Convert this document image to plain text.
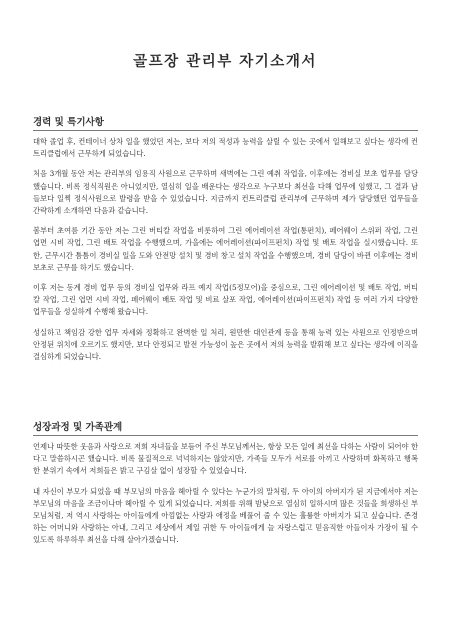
골프장 관리부 자기소개서
경력 및 특기사항

대학 졸업 후, 컨테이너 상차 일을 했었던 저는, 보다 저의 적성과 능력을 살릴 수 있는 곳에서 일해보고 싶다는 생각에 컨트리클럽에서 근무하게 되었습니다.

처음 3개월 동안 저는 관리부의 임용직 사원으로 근무하며 새벽에는 그린 예취 작업을, 이후에는 경비실 보초 업무를 담당했습니다. 비록 정식직원은 아니었지만, 열심히 일을 배운다는 생각으로 누구보다 최선을 다해 업무에 임했고, 그 결과 남들보다 일찍 정식사원으로 발령을 받을 수 있었습니다. 지금까지 컨트리클럽 관리부에 근무하며 제가 담당했던 업무들을 간략하게 소개하면 다음과 같습니다.

봄부터 초여름 기간 동안 저는 그린 버티칼 작업을 비롯하여 그린 에어레이션 작업(통펀치), 페어웨이 스위퍼 작업, 그린 엽면 시비 작업, 그린 배토 작업을 수행했으며, 가을에는 에어레이션(파이프펀치) 작업 및 배토 작업을 실시했습니다. 또한, 근무시간 틈틈이 경비실 일을 도와 안전망 설치 및 경비 창고 설치 작업을 수행했으며, 경비 담당이 바뀐 이후에는 경비 보초로 근무를 하기도 했습니다.

이후 저는 동계 경비 업무 등의 경비실 업무와 라프 예지 작업(5정모어)을 중심으로, 그린 에어레이션 및 배토 작업, 버티칼 작업, 그린 엽면 시비 작업, 페어웨이 배토 작업 및 비료 살포 작업, 에어레이션(파이프펀치) 작업 등 여러 가지 다양한 업무들을 성실하게 수행해 왔습니다.

성실하고 책임감 강한 업무 자세와 정확하고 완벽한 일 처리, 원만한 대인관계 등을 통해 능력 있는 사원으로 인정받으며 안정된 위치에 오르기도 했지만, 보다 안정되고 발전 가능성이 높은 곳에서 저의 능력을 발휘해 보고 싶다는 생각에 이직을 결심하게 되었습니다.

성장과정 및 가족관계

언제나 따뜻한 웃음과 사랑으로 저희 자녀들을 보듬어 주신 부모님께서는, 항상 모든 일에 최선을 다하는 사람이 되어야 한다고 말씀하시곤 했습니다. 비록 물질적으로 넉넉하지는 않았지만, 가족들 모두가 서로를 아끼고 사랑하며 화목하고 행복한 분위기 속에서 저희들은 밝고 구김살 없이 성장할 수 있었습니다.

내 자신이 부모가 되었을 때 부모님의 마음을 헤아릴 수 있다는 누군가의 말처럼, 두 아이의 아버지가 된 지금에서야 저는 부모님의 마음을 조금이나마 헤아릴 수 있게 되었습니다. 저희를 위해 밤낮으로 열심히 일하시며 많은 것들을 희생하신 부모님처럼, 저 역시 사랑하는 아이들에게 아낌없는 사랑과 애정을 베풀어 줄 수 있는 훌륭한 아버지가 되고 싶습니다. 존경하는 어머니와 사랑하는 아내, 그리고 세상에서 제일 귀한 두 아이들에게 늘 자랑스럽고 믿음직한 아들이자 가장이 될 수 있도록 하루하루 최선을 다해 살아가겠습니다.
